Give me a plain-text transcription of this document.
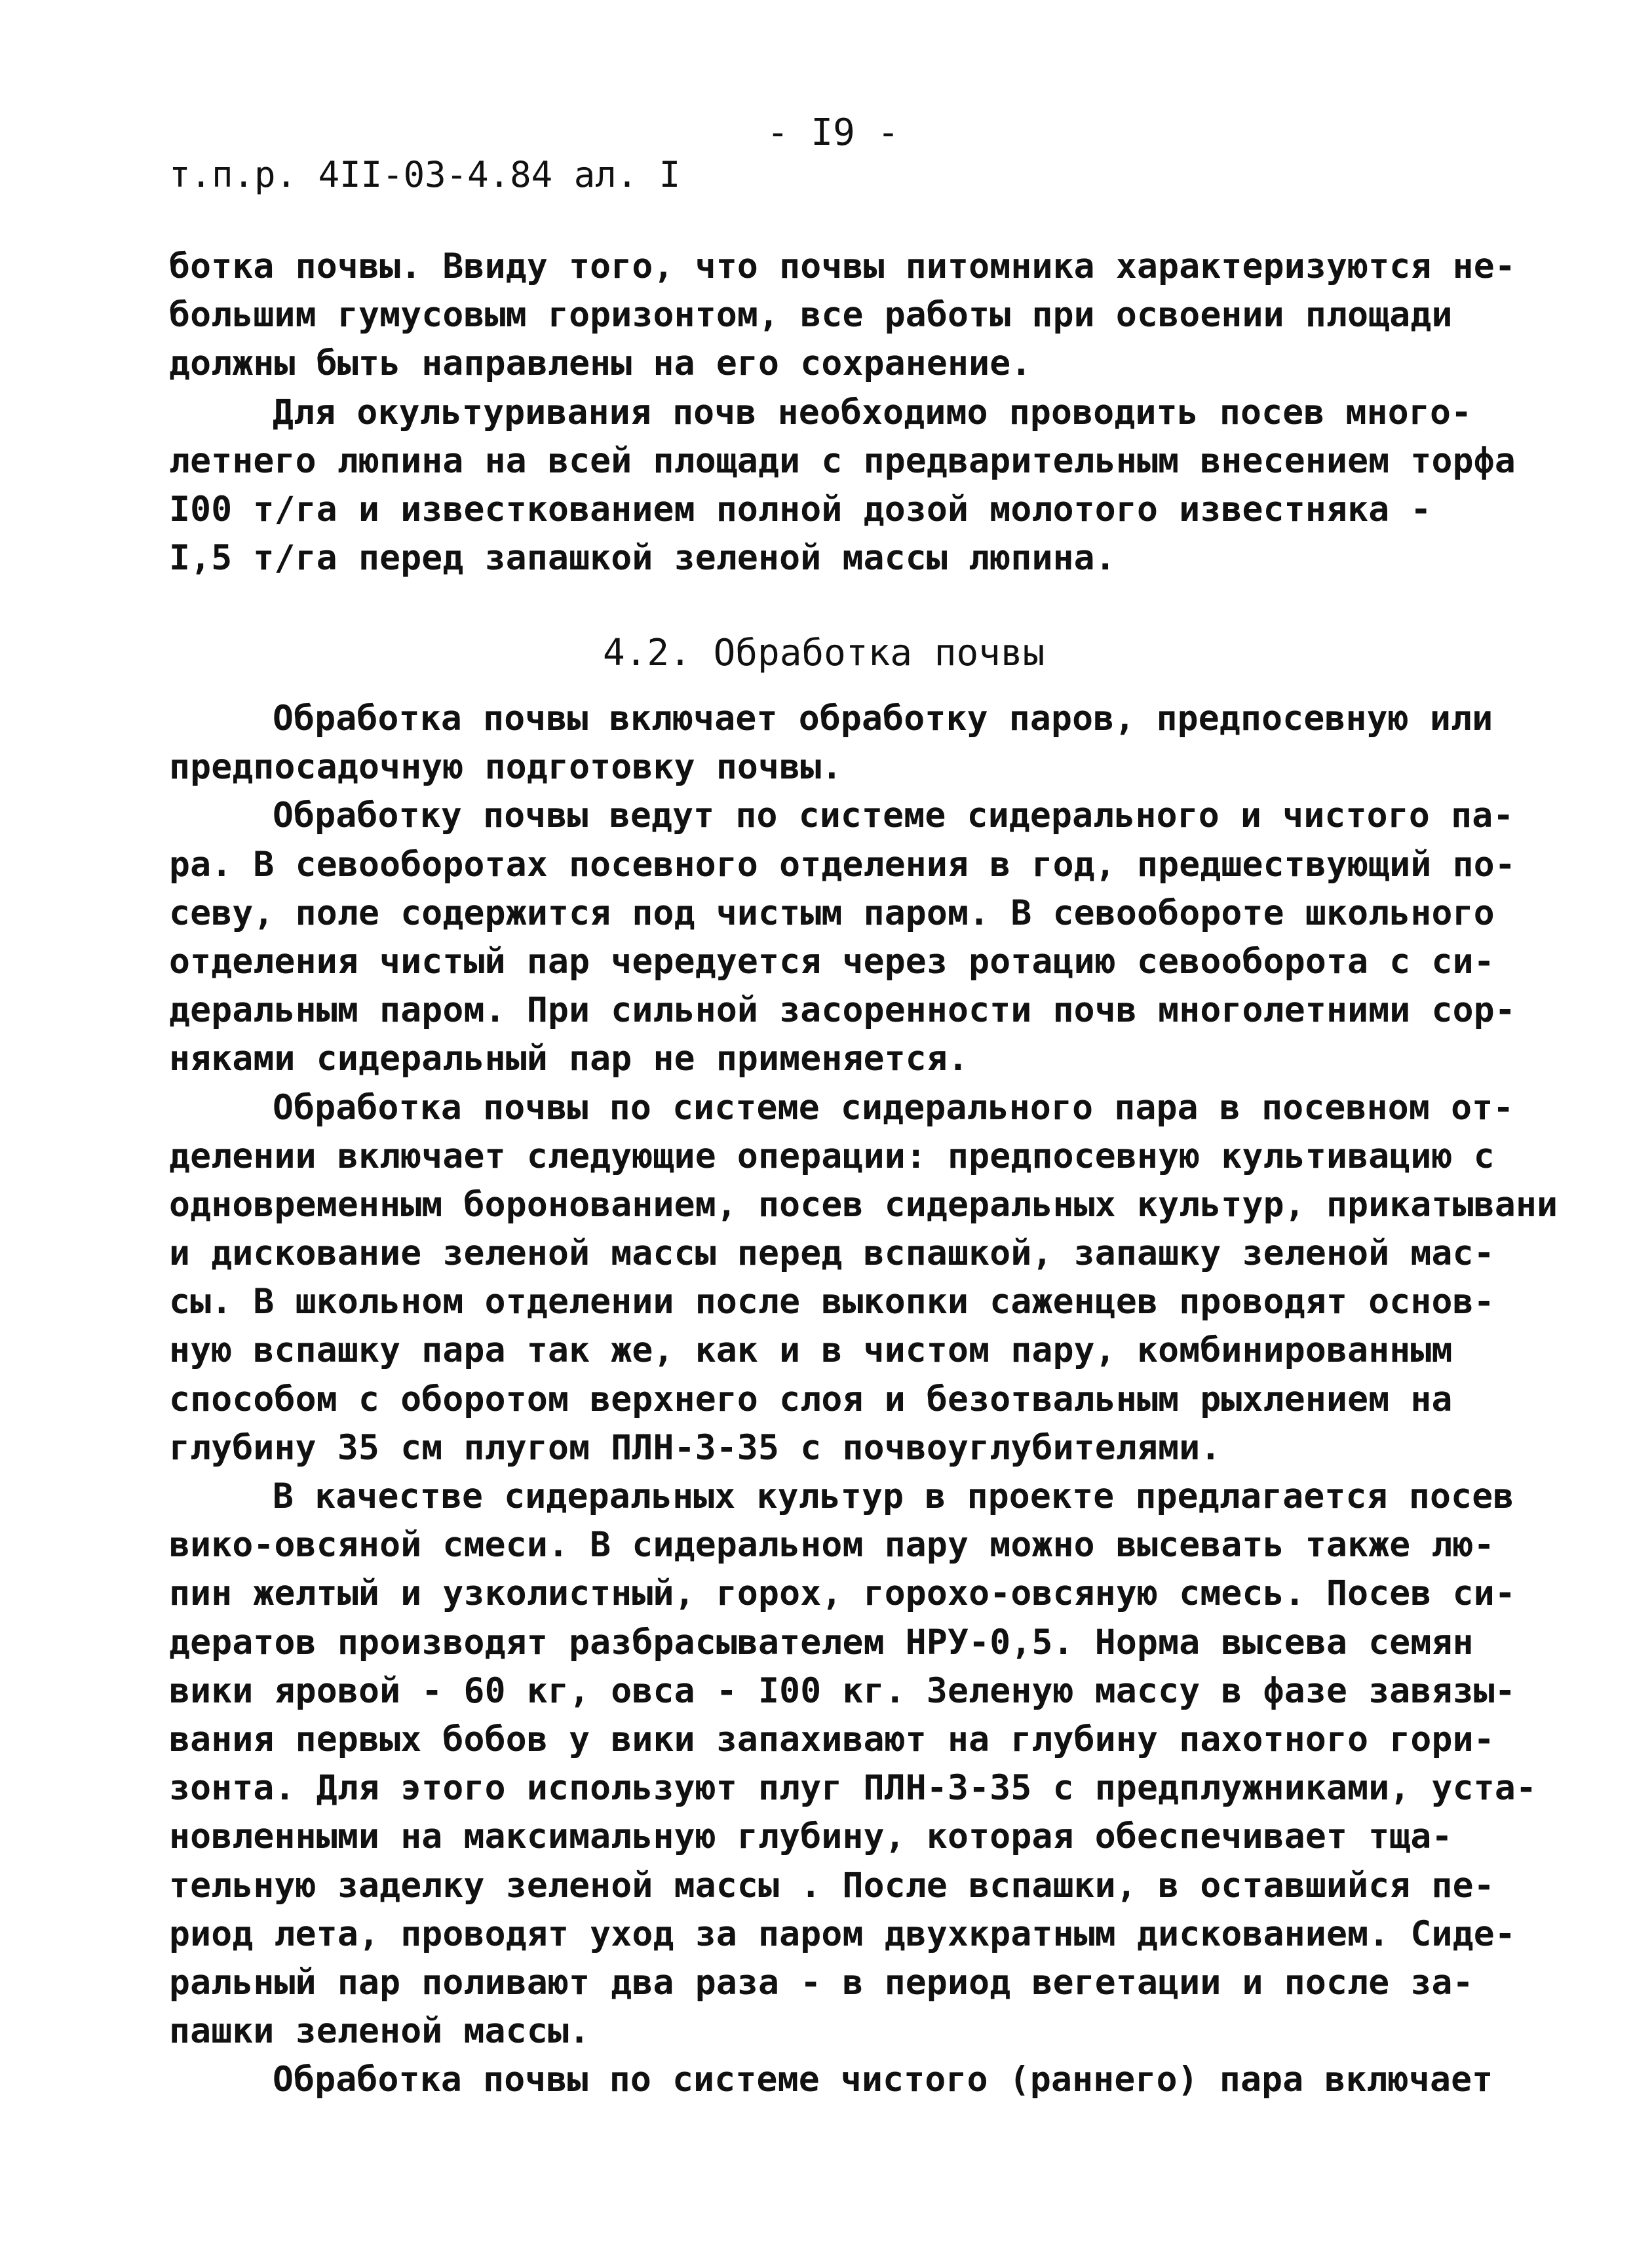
- I9 -
т.п.р. 4II-03-4.84 ал. I
ботка почвы. Ввиду того, что почвы питомника характеризуются не-
большим гумусовым горизонтом, все работы при освоении площади
должны быть направлены на его сохранение.
Для окультуривания почв необходимо проводить посев много-
летнего люпина на всей площади с предварительным внесением торфа
I00 т/га и известкованием полной дозой молотого известняка -
I,5 т/га перед запашкой зеленой массы люпина.
4.2. Обработка почвы
Обработка почвы включает обработку паров, предпосевную или
предпосадочную подготовку почвы.
Обработку почвы ведут по системе сидерального и чистого па-
ра. В севооборотах посевного отделения в год, предшествующий по-
севу, поле содержится под чистым паром. В севообороте школьного
отделения чистый пар чередуется через ротацию севооборота с си-
деральным паром. При сильной засоренности почв многолетними сор-
няками сидеральный пар не применяется.
Обработка почвы по системе сидерального пара в посевном от-
делении включает следующие операции: предпосевную культивацию с
одновременным боронованием, посев сидеральных культур, прикатывани
и дискование зеленой массы перед вспашкой, запашку зеленой мас-
сы. В школьном отделении после выкопки саженцев проводят основ-
ную вспашку пара так же, как и в чистом пару, комбинированным
способом с оборотом верхнего слоя и безотвальным рыхлением на
глубину 35 см плугом ПЛН-3-35 с почвоуглубителями.
В качестве сидеральных культур в проекте предлагается посев
вико-овсяной смеси. В сидеральном пару можно высевать также лю-
пин желтый и узколистный, горох, горохо-овсяную смесь. Посев си-
дератов производят разбрасывателем НРУ-0,5. Норма высева семян
вики яровой - 60 кг, овса - I00 кг. Зеленую массу в фазе завязы-
вания первых бобов у вики запахивают на глубину пахотного гори-
зонта. Для этого используют плуг ПЛН-3-35 с предплужниками, уста-
новленными на максимальную глубину, которая обеспечивает тща-
тельную заделку зеленой массы . После вспашки, в оставшийся пе-
риод лета, проводят уход за паром двухкратным дискованием. Сиде-
ральный пар поливают два раза - в период вегетации и после за-
пашки зеленой массы.
Обработка почвы по системе чистого (раннего) пара включает
